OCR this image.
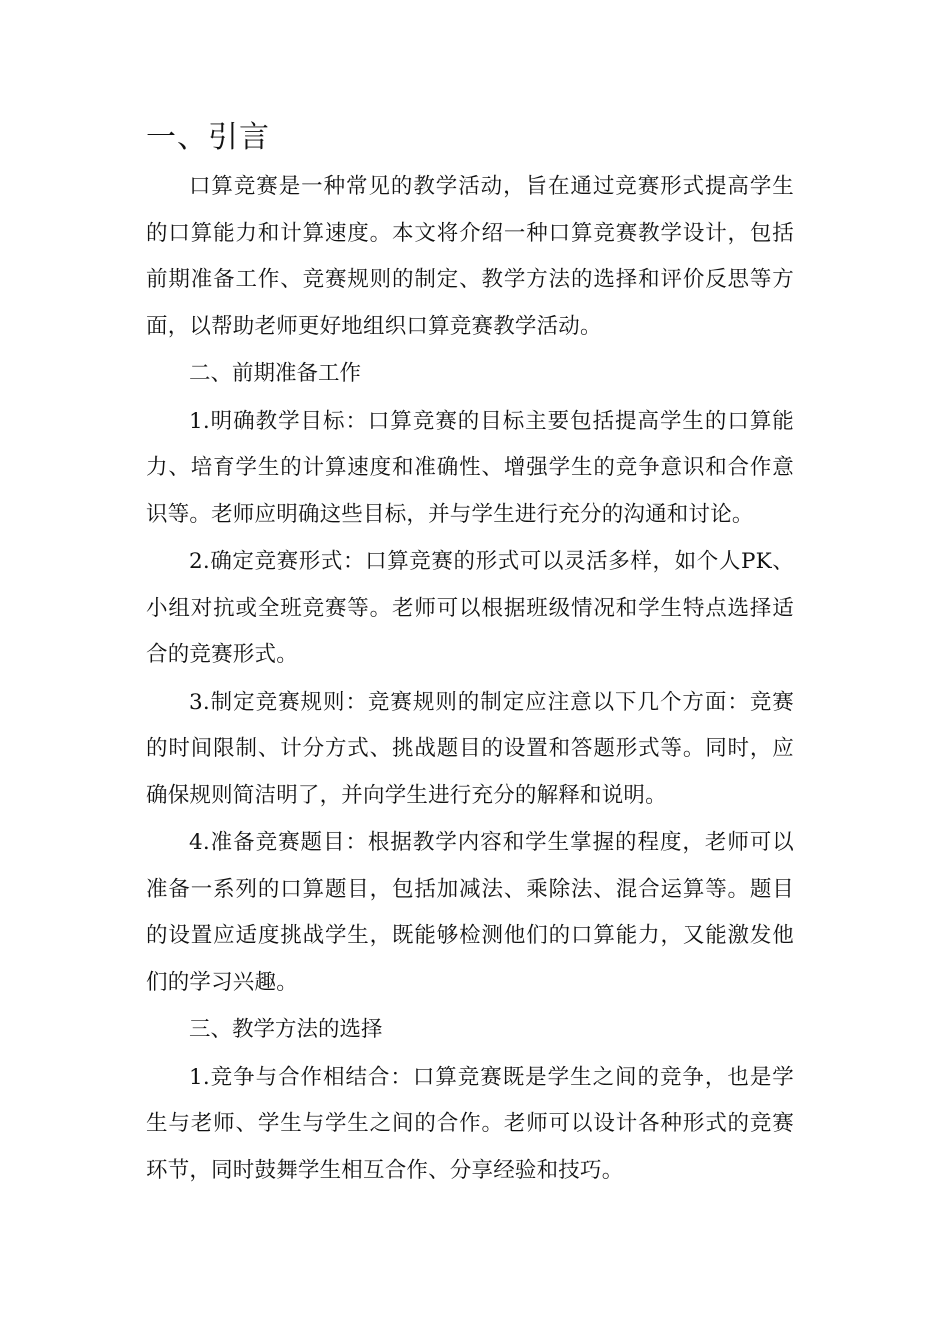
一、引言

口算竞赛是一种常见的教学活动，旨在通过竞赛形式提高学生的口算能力和计算速度。本文将介绍一种口算竞赛教学设计，包括前期准备工作、竞赛规则的制定、教学方法的选择和评价反思等方面，以帮助老师更好地组织口算竞赛教学活动。

二、前期准备工作

1.明确教学目标：口算竞赛的目标主要包括提高学生的口算能力、培育学生的计算速度和准确性、增强学生的竞争意识和合作意识等。老师应明确这些目标，并与学生进行充分的沟通和讨论。

2.确定竞赛形式：口算竞赛的形式可以灵活多样，如个人PK、小组对抗或全班竞赛等。老师可以根据班级情况和学生特点选择适合的竞赛形式。

3.制定竞赛规则：竞赛规则的制定应注意以下几个方面：竞赛的时间限制、计分方式、挑战题目的设置和答题形式等。同时，应确保规则简洁明了，并向学生进行充分的解释和说明。

4.准备竞赛题目：根据教学内容和学生掌握的程度，老师可以准备一系列的口算题目，包括加减法、乘除法、混合运算等。题目的设置应适度挑战学生，既能够检测他们的口算能力，又能激发他们的学习兴趣。

三、教学方法的选择

1.竞争与合作相结合：口算竞赛既是学生之间的竞争，也是学生与老师、学生与学生之间的合作。老师可以设计各种形式的竞赛环节，同时鼓舞学生相互合作、分享经验和技巧。
